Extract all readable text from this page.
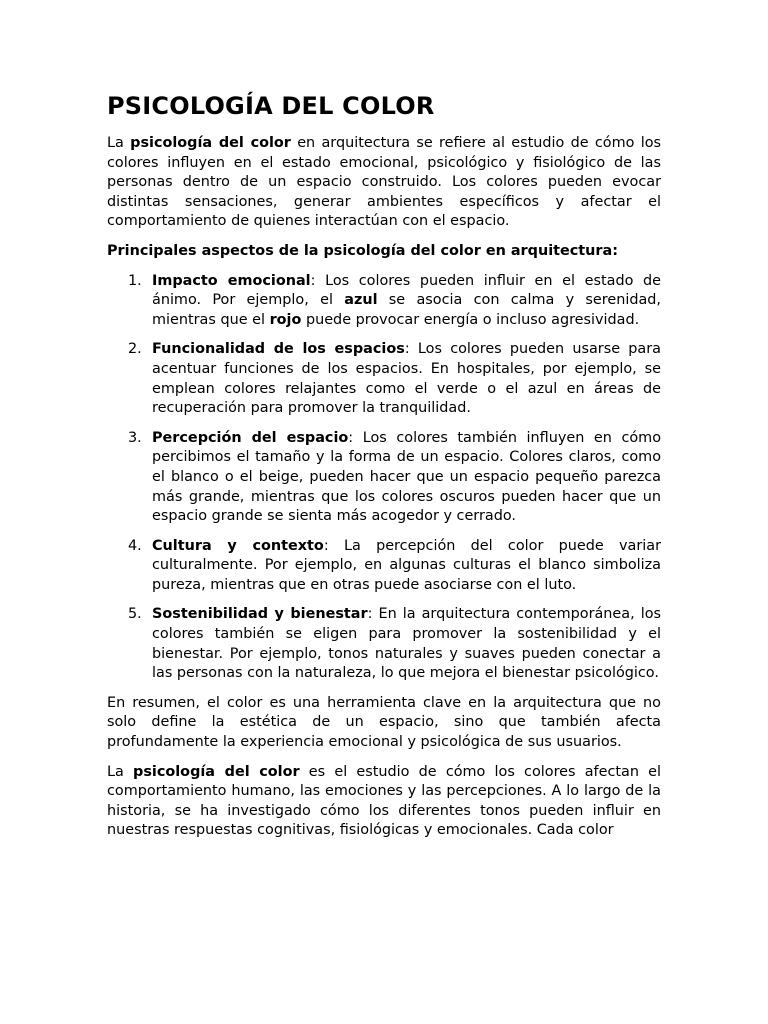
PSICOLOGÍA DEL COLOR

La psicología del color en arquitectura se refiere al estudio de cómo los colores influyen en el estado emocional, psicológico y fisiológico de las personas dentro de un espacio construido. Los colores pueden evocar distintas sensaciones, generar ambientes específicos y afectar el comportamiento de quienes interactúan con el espacio.

Principales aspectos de la psicología del color en arquitectura:

1. Impacto emocional: Los colores pueden influir en el estado de ánimo. Por ejemplo, el azul se asocia con calma y serenidad, mientras que el rojo puede provocar energía o incluso agresividad.
2. Funcionalidad de los espacios: Los colores pueden usarse para acentuar funciones de los espacios. En hospitales, por ejemplo, se emplean colores relajantes como el verde o el azul en áreas de recuperación para promover la tranquilidad.
3. Percepción del espacio: Los colores también influyen en cómo percibimos el tamaño y la forma de un espacio. Colores claros, como el blanco o el beige, pueden hacer que un espacio pequeño parezca más grande, mientras que los colores oscuros pueden hacer que un espacio grande se sienta más acogedor y cerrado.
4. Cultura y contexto: La percepción del color puede variar culturalmente. Por ejemplo, en algunas culturas el blanco simboliza pureza, mientras que en otras puede asociarse con el luto.
5. Sostenibilidad y bienestar: En la arquitectura contemporánea, los colores también se eligen para promover la sostenibilidad y el bienestar. Por ejemplo, tonos naturales y suaves pueden conectar a las personas con la naturaleza, lo que mejora el bienestar psicológico.

En resumen, el color es una herramienta clave en la arquitectura que no solo define la estética de un espacio, sino que también afecta profundamente la experiencia emocional y psicológica de sus usuarios.

La psicología del color es el estudio de cómo los colores afectan el comportamiento humano, las emociones y las percepciones. A lo largo de la historia, se ha investigado cómo los diferentes tonos pueden influir en nuestras respuestas cognitivas, fisiológicas y emocionales. Cada color
